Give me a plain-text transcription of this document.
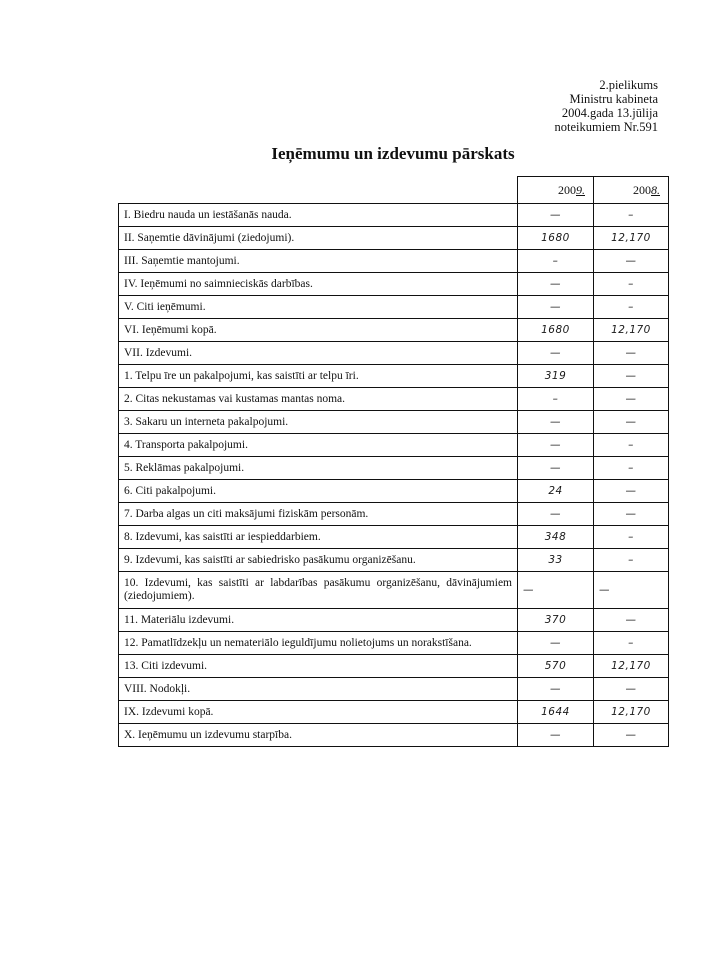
2.pielikums
Ministru kabineta
2004.gada 13.jūlija
noteikumiem Nr.591
Ieņēmumu un izdevumu pārskats
	2009.	2008.
I. Biedru nauda un iestāšanās nauda.	—	–
II. Saņemtie dāvinājumi (ziedojumi).	1680	12,170
III. Saņemtie mantojumi.	–	—
IV. Ieņēmumi no saimnieciskās darbības.	—	–
V. Citi ieņēmumi.	—	–
VI. Ieņēmumi kopā.	1680	12,170
VII. Izdevumi.	—	—
1. Telpu īre un pakalpojumi, kas saistīti ar telpu īri.	319	—
2. Citas nekustamas vai kustamas mantas noma.	–	—
3. Sakaru un interneta pakalpojumi.	—	—
4. Transporta pakalpojumi.	—	–
5. Reklāmas pakalpojumi.	—	–
6. Citi pakalpojumi.	24	—
7. Darba algas un citi maksājumi fiziskām personām.	—	—
8. Izdevumi, kas saistīti ar iespieddarbiem.	348	–
9. Izdevumi, kas saistīti ar sabiedrisko pasākumu organizēšanu.	33	–
10. Izdevumi, kas saistīti ar labdarības pasākumu organizēšanu, dāvinājumiem (ziedojumiem).	—	—
11. Materiālu izdevumi.	370	—
12. Pamatlīdzekļu un nemateriālo ieguldījumu nolietojums un norakstīšana.	—	–
13. Citi izdevumi.	570	12,170
VIII. Nodokļi.	—	—
IX. Izdevumi kopā.	1644	12,170
X. Ieņēmumu un izdevumu starpība.	—	—
